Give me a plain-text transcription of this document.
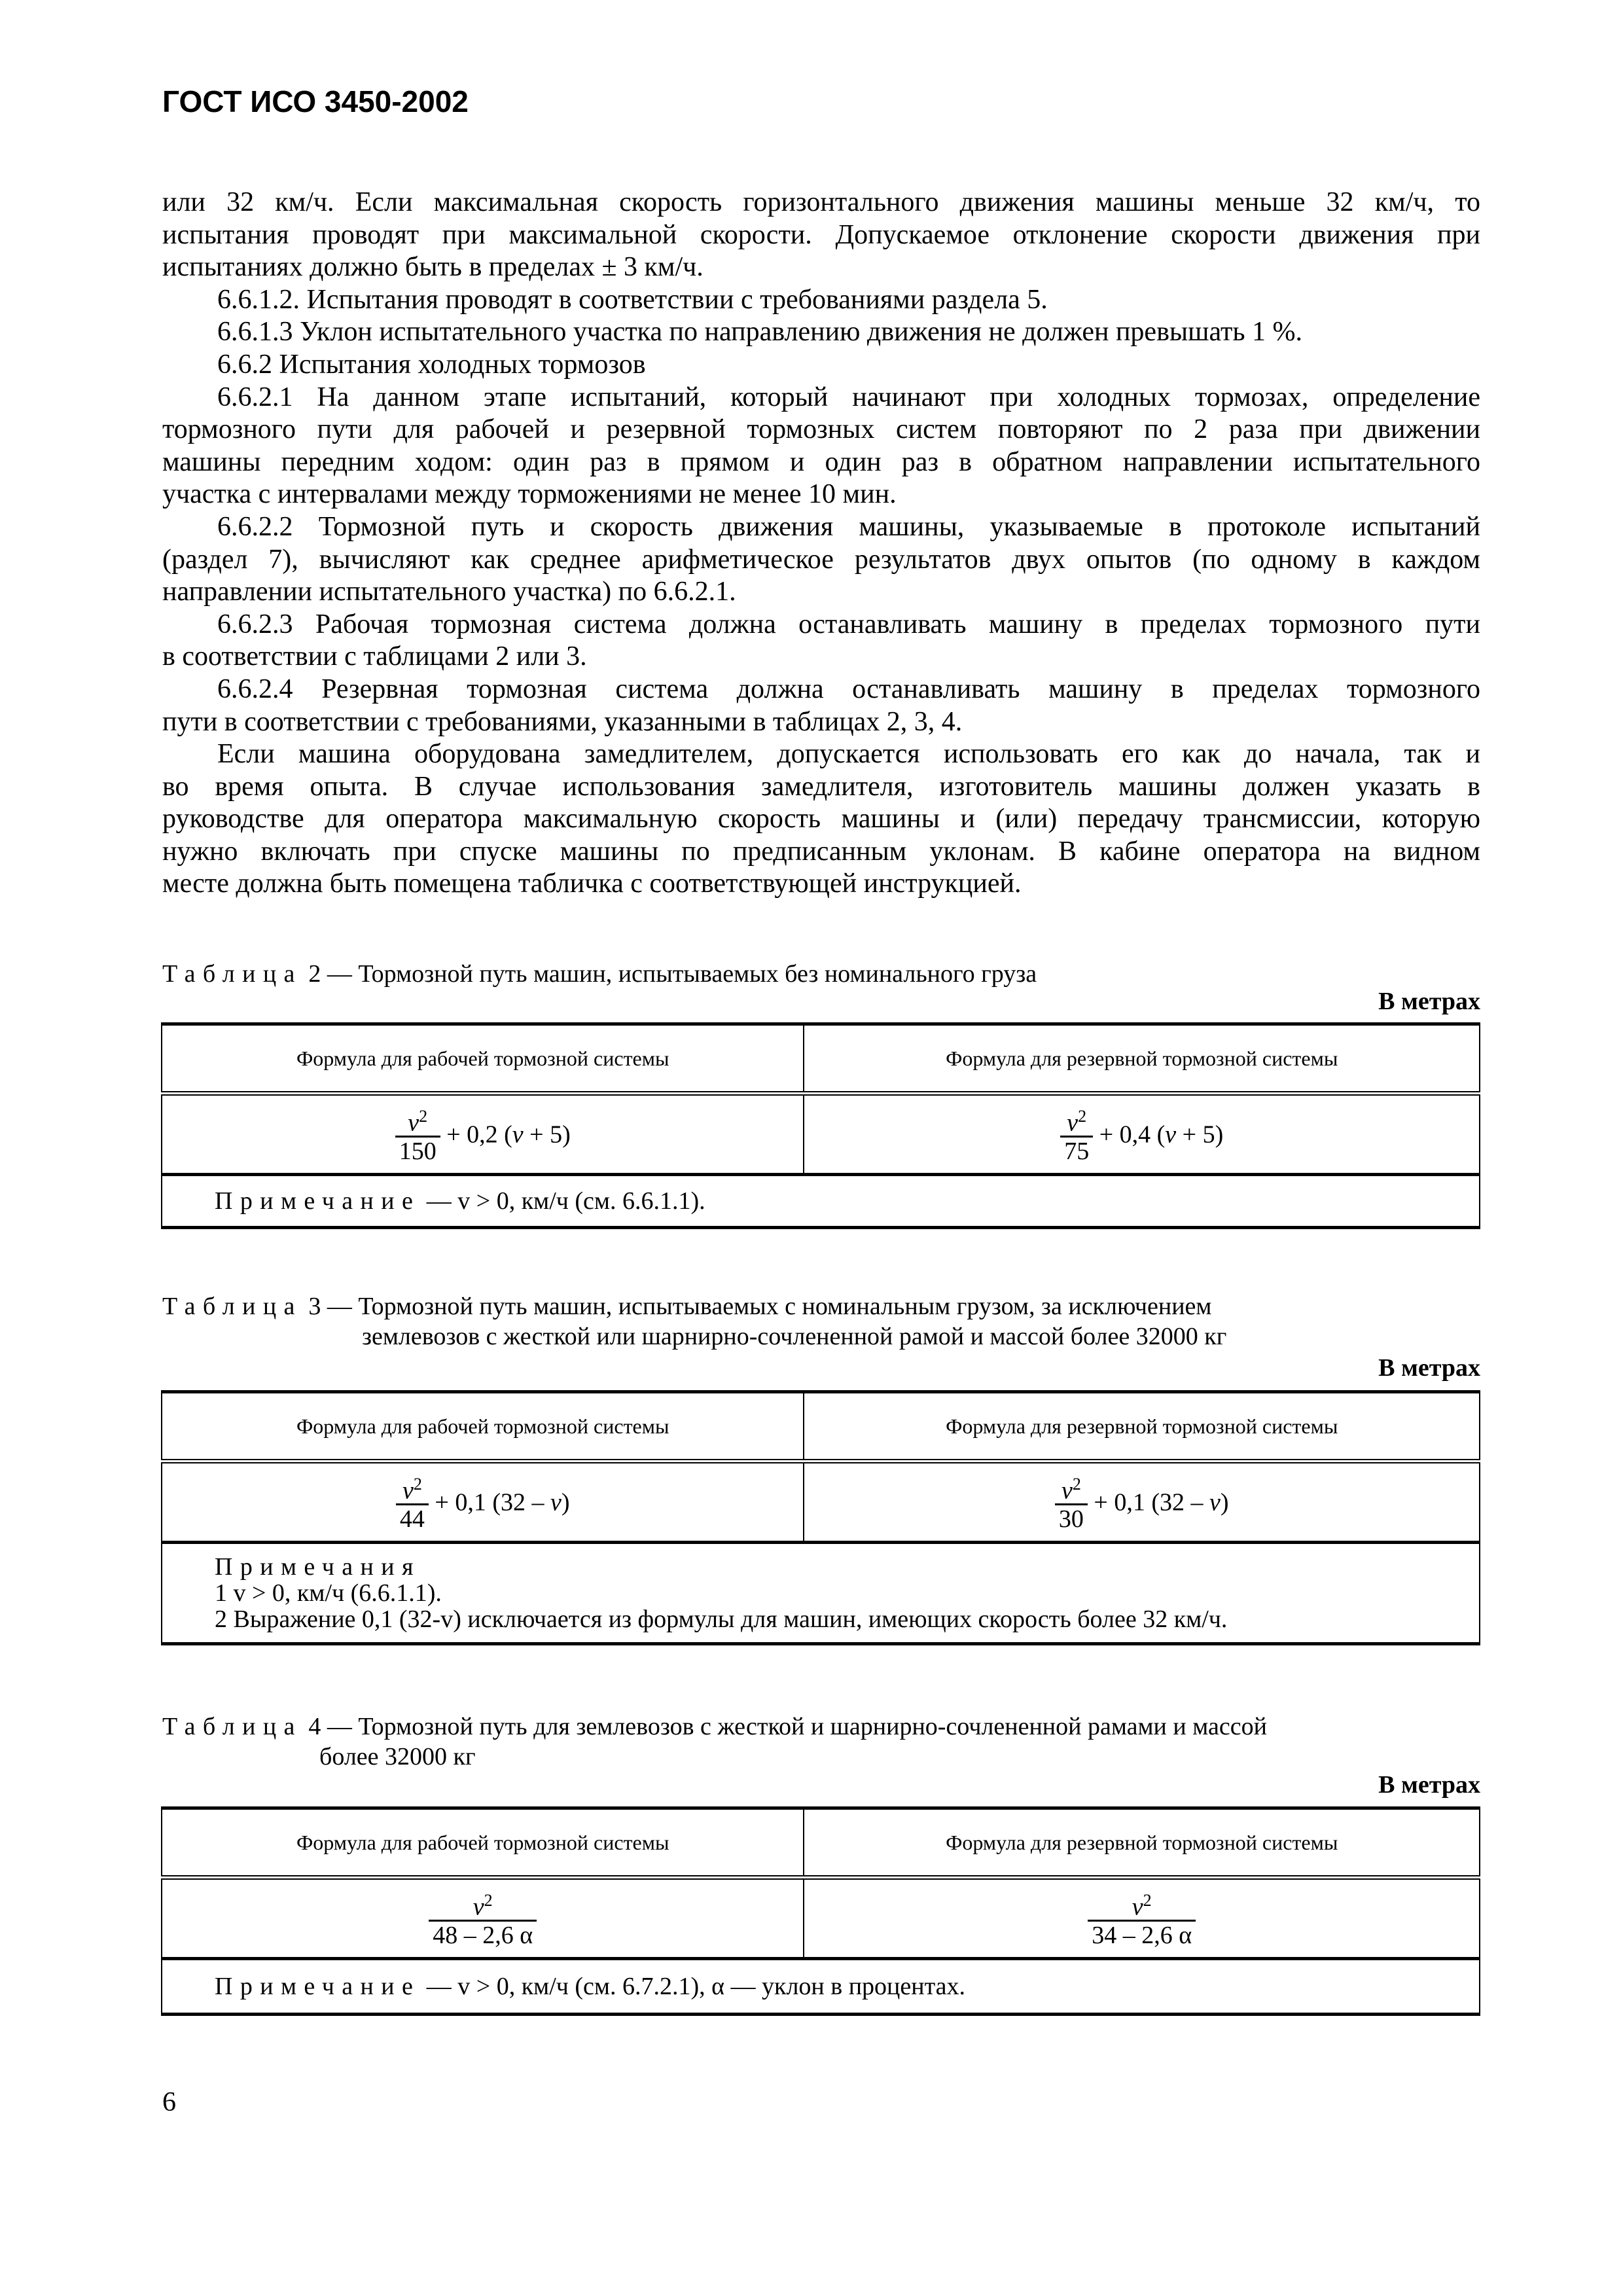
ГОСТ ИСО 3450-2002
или 32 км/ч. Если максимальная скорость горизонтального движения машины меньше 32 км/ч, то
испытания проводят при максимальной скорости. Допускаемое отклонение скорости движения при
испытаниях должно быть в пределах ± 3 км/ч.
6.6.1.2. Испытания проводят в соответствии с требованиями раздела 5.
6.6.1.3 Уклон испытательного участка по направлению движения не должен превышать 1 %.
6.6.2 Испытания холодных тормозов
6.6.2.1 На данном этапе испытаний, который начинают при холодных тормозах, определение
тормозного пути для рабочей и резервной тормозных систем повторяют по 2 раза при движении
машины передним ходом: один раз в прямом и один раз в обратном направлении испытательного
участка с интервалами между торможениями не менее 10 мин.
6.6.2.2 Тормозной путь и скорость движения машины, указываемые в протоколе испытаний
(раздел 7), вычисляют как среднее арифметическое результатов двух опытов (по одному в каждом
направлении испытательного участка) по 6.6.2.1.
6.6.2.3 Рабочая тормозная система должна останавливать машину в пределах тормозного пути
в соответствии с таблицами 2 или 3.
6.6.2.4 Резервная тормозная система должна останавливать машину в пределах тормозного
пути в соответствии с требованиями, указанными в таблицах 2, 3, 4.
Если машина оборудована замедлителем, допускается использовать его как до начала, так и
во время опыта. В случае использования замедлителя, изготовитель машины должен указать в
руководстве для оператора максимальную скорость машины и (или) передачу трансмиссии, которую
нужно включать при спуске машины по предписанным уклонам. В кабине оператора на видном
месте должна быть помещена табличка с соответствующей инструкцией.
Таблица 2 — Тормозной путь машин, испытываемых без номинального груза
В метрах
Формула для рабочей тормозной системы	Формула для резервной тормозной системы

$\frac{v^2}{150} + 0,2$ (v + 5)	$\frac{v^2}{75} + 0,4$ (v + 5)
Примечание — v > 0, км/ч (см. 6.6.1.1).	
Таблица 3 — Тормозной путь машин, испытываемых с номинальным грузом, за исключением
землевозов с жесткой или шарнирно-сочлененной рамой и массой более 32000 кг
В метрах
Формула для рабочей тормозной системы	Формула для резервной тормозной системы

$\frac{v^2}{44} + 0,1$ (32 – v)	$\frac{v^2}{30} + 0,1$ (32 – v)

Примечания
1 v > 0, км/ч (6.6.1.1).
2 Выражение 0,1 (32-v) исключается из формулы для машин, имеющих скорость более 32 км/ч.	
Таблица 4 — Тормозной путь для землевозов с жесткой и шарнирно-сочлененной рамами и массой
более 32000 кг
В метрах
Формула для рабочей тормозной системы	Формула для резервной тормозной системы

$\frac{v^2}{48 - 2,6 \alpha}$	$\frac{v^2}{34 - 2,6 \alpha}$

Примечание — v > 0, км/ч (см. 6.7.2.1), α — уклон в процентах.	
6
